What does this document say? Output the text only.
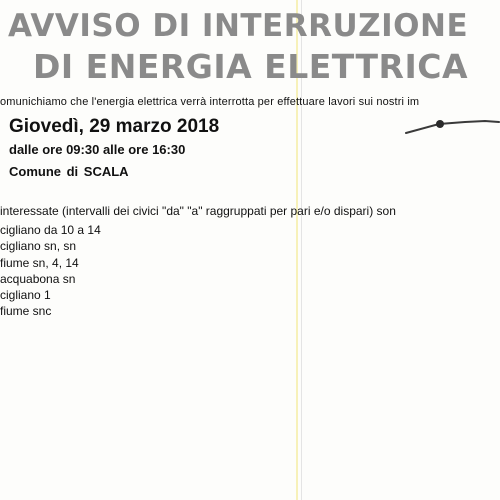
AVVISO DI INTERRUZIONE
DI ENERGIA ELETTRICA
omunichiamo che l'energia elettrica verrà interrotta per effettuare lavori sui nostri im
Giovedì, 29 marzo 2018
dalle ore 09:30 alle ore 16:30
Comune di SCALA
interessate (intervalli dei civici "da" "a" raggruppati per pari e/o dispari) son
cigliano da 10 a 14
cigliano sn, sn
fiume sn, 4, 14
acquabona sn
cigliano 1
fiume snc
